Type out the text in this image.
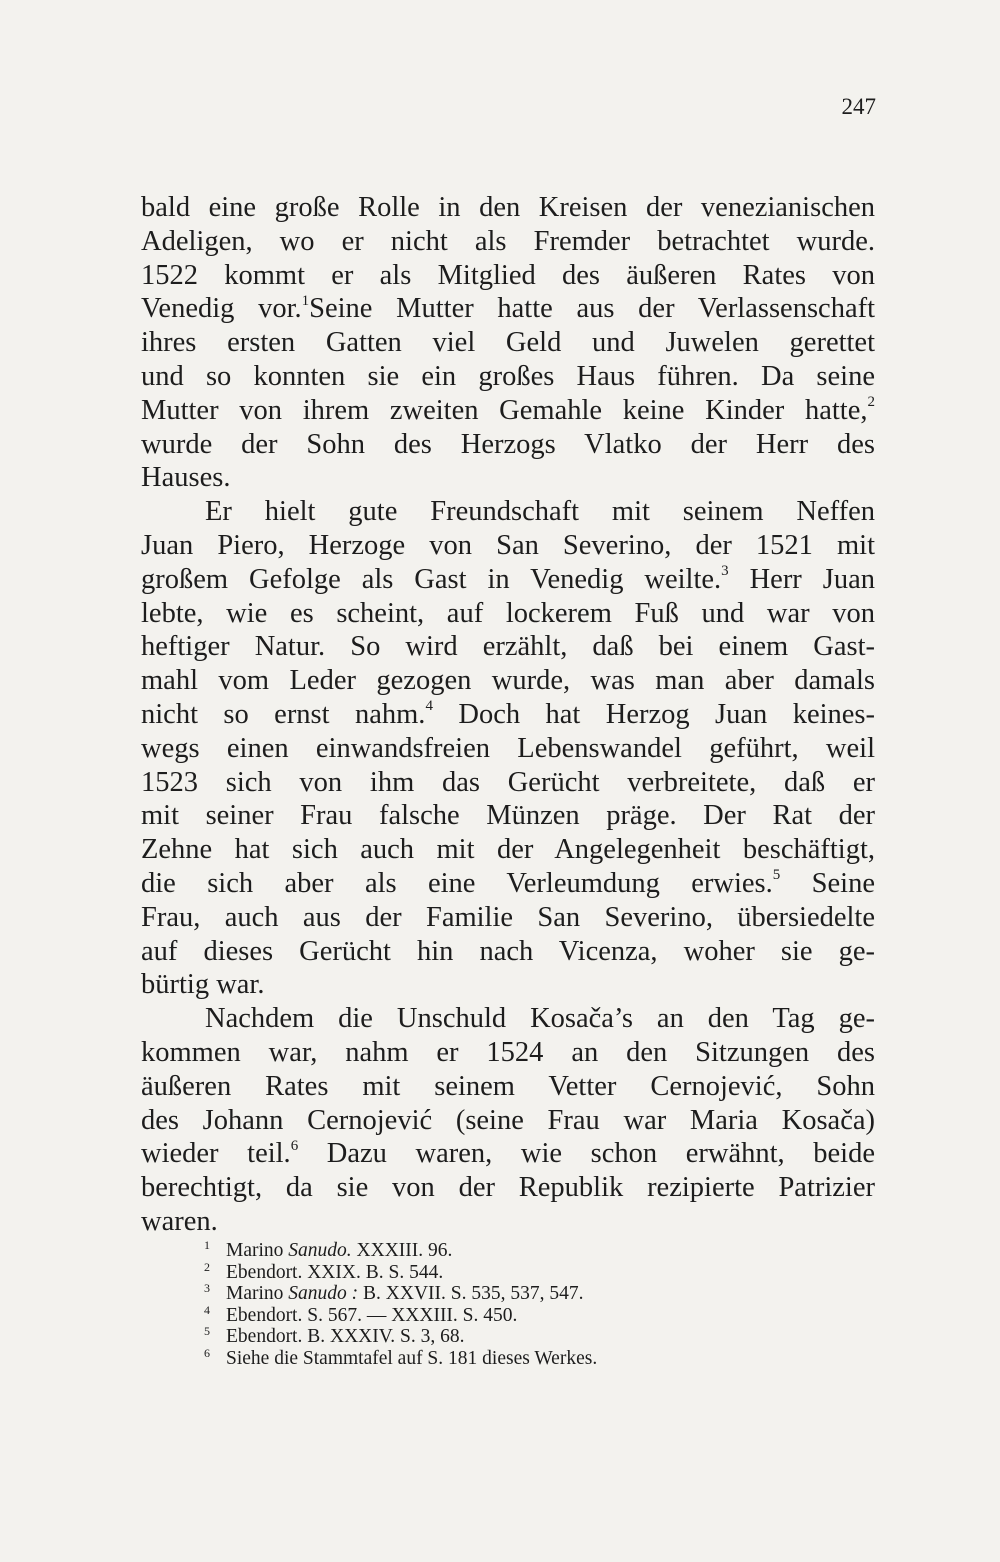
247
bald eine große Rolle in den Kreisen der venezianischen
Adeligen, wo er nicht als Fremder betrachtet wurde.
1522 kommt er als Mitglied des äußeren Rates von
Venedig vor.$^1$Seine Mutter hatte aus der Verlassenschaft
ihres ersten Gatten viel Geld und Juwelen gerettet
und so konnten sie ein großes Haus führen. Da seine
Mutter von ihrem zweiten Gemahle keine Kinder hatte,$^2$
wurde der Sohn des Herzogs Vlatko der Herr des
Hauses.
Er hielt gute Freundschaft mit seinem Neffen
Juan Piero, Herzoge von San Severino, der 1521 mit
großem Gefolge als Gast in Venedig weilte.$^3$ Herr Juan
lebte, wie es scheint, auf lockerem Fuß und war von
heftiger Natur. So wird erzählt, daß bei einem Gast-
mahl vom Leder gezogen wurde, was man aber damals
nicht so ernst nahm.$^4$ Doch hat Herzog Juan keines-
wegs einen einwandsfreien Lebenswandel geführt, weil
1523 sich von ihm das Gerücht verbreitete, daß er
mit seiner Frau falsche Münzen präge. Der Rat der
Zehne hat sich auch mit der Angelegenheit beschäftigt,
die sich aber als eine Verleumdung erwies.$^5$ Seine
Frau, auch aus der Familie San Severino, übersiedelte
auf dieses Gerücht hin nach Vicenza, woher sie ge-
bürtig war.
Nachdem die Unschuld Kosača’s an den Tag ge-
kommen war, nahm er 1524 an den Sitzungen des
äußeren Rates mit seinem Vetter Cernojević, Sohn
des Johann Cernojević (seine Frau war Maria Kosača)
wieder teil.$^6$ Dazu waren, wie schon erwähnt, beide
berechtigt, da sie von der Republik rezipierte Patrizier
waren.
1 Marino Sanudo. XXXIII. 96.
2 Ebendort. XXIX. B. S. 544.
3 Marino Sanudo : B. XXVII. S. 535, 537, 547.
4 Ebendort. S. 567. — XXXIII. S. 450.
5 Ebendort. B. XXXIV. S. 3, 68.
6 Siehe die Stammtafel auf S. 181 dieses Werkes.
